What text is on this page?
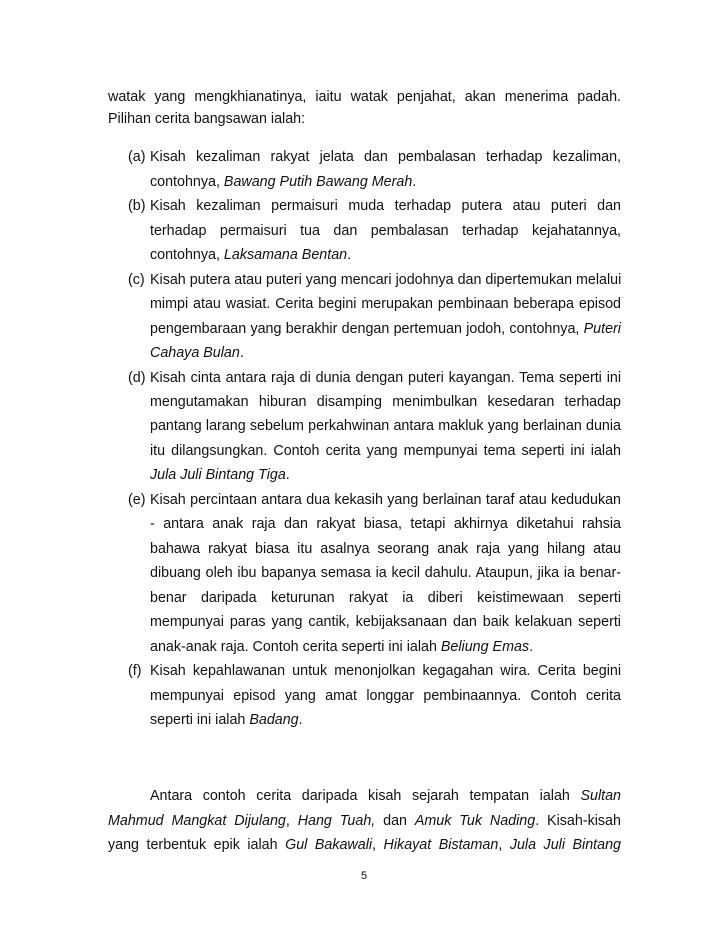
watak yang mengkhianatinya, iaitu watak penjahat, akan menerima padah.
Pilihan cerita bangsawan ialah:
(a) Kisah kezaliman rakyat jelata dan pembalasan terhadap kezaliman,
contohnya, Bawang Putih Bawang Merah.
(b) Kisah kezaliman permaisuri muda terhadap putera atau puteri dan
terhadap permaisuri tua dan pembalasan terhadap kejahatannya,
contohnya, Laksamana Bentan.
(c) Kisah putera atau puteri yang mencari jodohnya dan dipertemukan melalui
mimpi atau wasiat. Cerita begini merupakan pembinaan beberapa episod
pengembaraan yang berakhir dengan pertemuan jodoh, contohnya, Puteri
Cahaya Bulan.
(d) Kisah cinta antara raja di dunia dengan puteri kayangan. Tema seperti ini
mengutamakan hiburan disamping menimbulkan kesedaran terhadap
pantang larang sebelum perkahwinan antara makluk yang berlainan dunia
itu dilangsungkan. Contoh cerita yang mempunyai tema seperti ini ialah
Jula Juli Bintang Tiga.
(e) Kisah percintaan antara dua kekasih yang berlainan taraf atau kedudukan
- antara anak raja dan rakyat biasa, tetapi akhirnya diketahui rahsia
bahawa rakyat biasa itu asalnya seorang anak raja yang hilang atau
dibuang oleh ibu bapanya semasa ia kecil dahulu. Ataupun, jika ia benar-
benar daripada keturunan rakyat ia diberi keistimewaan seperti
mempunyai paras yang cantik, kebijaksanaan dan baik kelakuan seperti
anak-anak raja. Contoh cerita seperti ini ialah Beliung Emas.
(f) Kisah kepahlawanan untuk menonjolkan kegagahan wira. Cerita begini
mempunyai episod yang amat longgar pembinaannya. Contoh cerita
seperti ini ialah Badang.
Antara contoh cerita daripada kisah sejarah tempatan ialah Sultan
Mahmud Mangkat Dijulang, Hang Tuah, dan Amuk Tuk Nading. Kisah-kisah
yang terbentuk epik ialah Gul Bakawali, Hikayat Bistaman, Jula Juli Bintang
5
